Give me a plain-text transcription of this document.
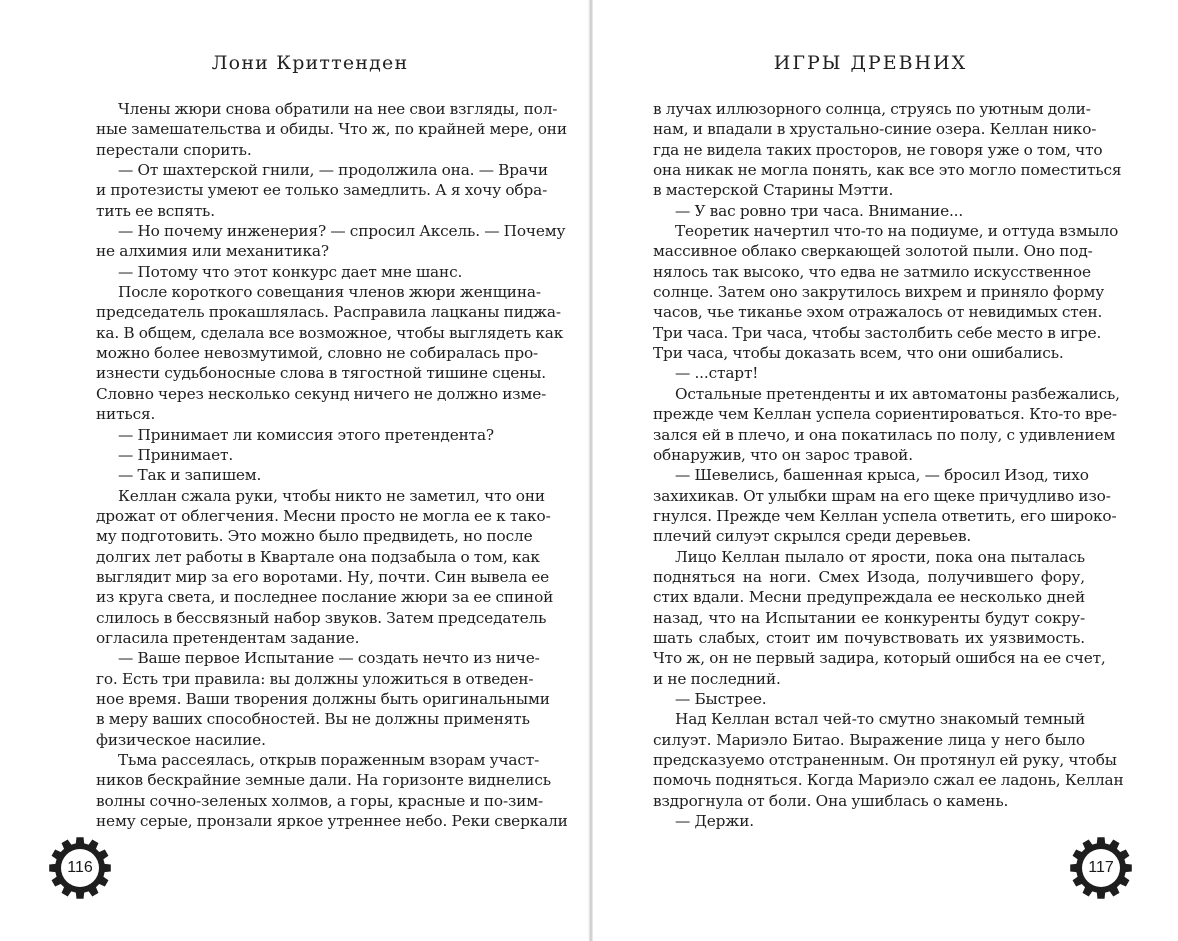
Лони Криттенден
Члены жюри снова обратили на нее свои взгляды, пол-
ные замешательства и обиды. Что ж, по крайней мере, они
перестали спорить.
— От шахтерской гнили, — продолжила она. — Врачи
и протезисты умеют ее только замедлить. А я хочу обра-
тить ее вспять.
— Но почему инженерия? — спросил Аксель. — Почему
не алхимия или механитика?
— Потому что этот конкурс дает мне шанс.
После короткого совещания членов жюри женщина-
председатель прокашлялась. Расправила лацканы пиджа-
ка. В общем, сделала все возможное, чтобы выглядеть как
можно более невозмутимой, словно не собиралась про-
изнести судьбоносные слова в тягостной тишине сцены.
Словно через несколько секунд ничего не должно изме-
ниться.
— Принимает ли комиссия этого претендента?
— Принимает.
— Так и запишем.
Келлан сжала руки, чтобы никто не заметил, что они
дрожат от облегчения. Месни просто не могла ее к тако-
му подготовить. Это можно было предвидеть, но после
долгих лет работы в Квартале она подзабыла о том, как
выглядит мир за его воротами. Ну, почти. Син вывела ее
из круга света, и последнее послание жюри за ее спиной
слилось в бессвязный набор звуков. Затем председатель
огласила претендентам задание.
— Ваше первое Испытание — создать нечто из ниче-
го. Есть три правила: вы должны уложиться в отведен-
ное время. Ваши творения должны быть оригинальными
в меру ваших способностей. Вы не должны применять
физическое насилие.
Тьма рассеялась, открыв пораженным взорам участ-
ников бескрайние земные дали. На горизонте виднелись
волны сочно-зеленых холмов, а горы, красные и по-зим-
нему серые, пронзали яркое утреннее небо. Реки сверкали
116
ИГРЫ ДРЕВНИХ
в лучах иллюзорного солнца, струясь по уютным доли-
нам, и впадали в хрустально-синие озера. Келлан нико-
гда не видела таких просторов, не говоря уже о том, что
она никак не могла понять, как все это могло поместиться
в мастерской Старины Мэтти.
— У вас ровно три часа. Внимание...
Теоретик начертил что-то на подиуме, и оттуда взмыло
массивное облако сверкающей золотой пыли. Оно под-
нялось так высоко, что едва не затмило искусственное
солнце. Затем оно закрутилось вихрем и приняло форму
часов, чье тиканье эхом отражалось от невидимых стен.
Три часа. Три часа, чтобы застолбить себе место в игре.
Три часа, чтобы доказать всем, что они ошибались.
— ...старт!
Остальные претенденты и их автоматоны разбежались,
прежде чем Келлан успела сориентироваться. Кто-то вре-
зался ей в плечо, и она покатилась по полу, с удивлением
обнаружив, что он зарос травой.
— Шевелись, башенная крыса, — бросил Изод, тихо
захихикав. От улыбки шрам на его щеке причудливо изо-
гнулся. Прежде чем Келлан успела ответить, его широко-
плечий силуэт скрылся среди деревьев.
Лицо Келлан пылало от ярости, пока она пыталась
подняться на ноги. Смех Изода, получившего фору,
стих вдали. Месни предупреждала ее несколько дней
назад, что на Испытании ее конкуренты будут сокру-
шать слабых, стоит им почувствовать их уязвимость.
Что ж, он не первый задира, который ошибся на ее счет,
и не последний.
— Быстрее.
Над Келлан встал чей-то смутно знакомый темный
силуэт. Мариэло Битао. Выражение лица у него было
предсказуемо отстраненным. Он протянул ей руку, чтобы
помочь подняться. Когда Мариэло сжал ее ладонь, Келлан
вздрогнула от боли. Она ушиблась о камень.
— Держи.
117
